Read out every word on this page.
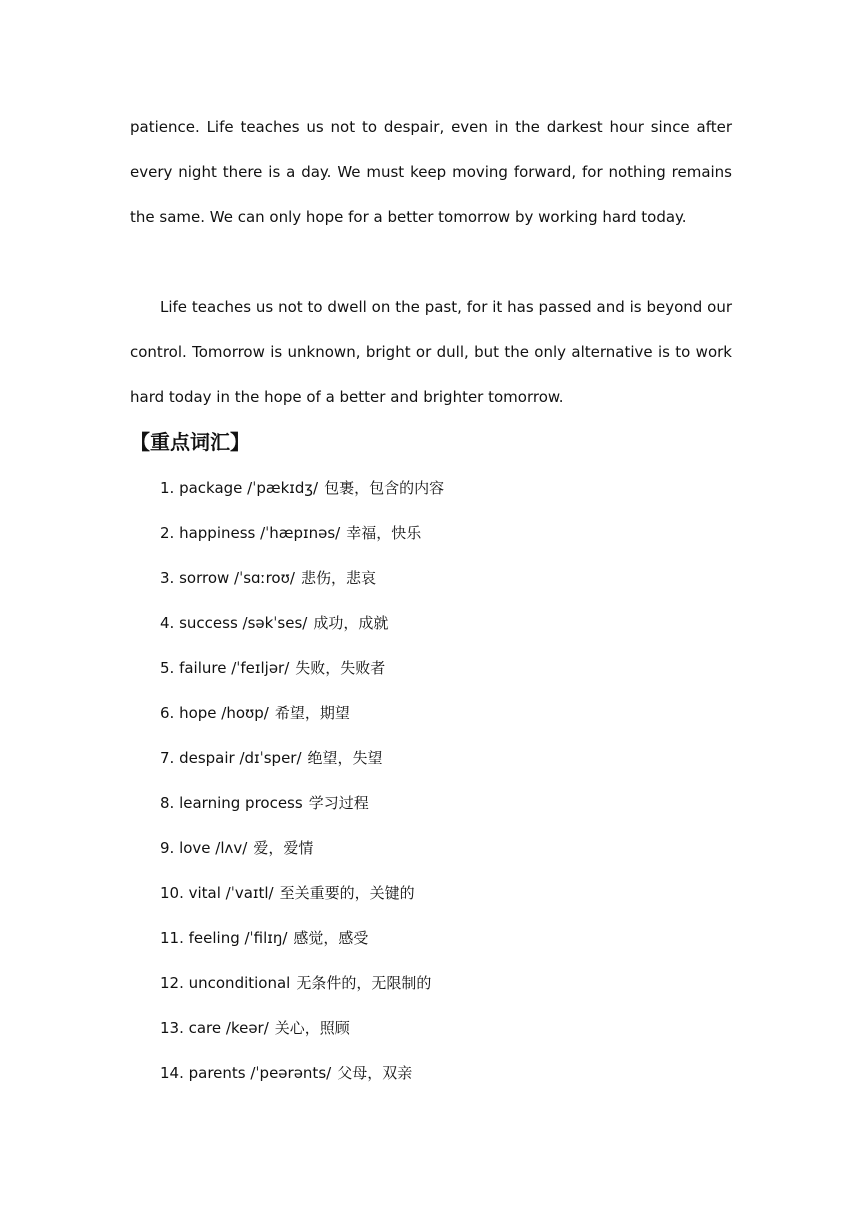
patience. Life teaches us not to despair, even in the darkest hour since after every night there is a day. We must keep moving forward, for nothing remains the same. We can only hope for a better tomorrow by working hard today.

Life teaches us not to dwell on the past, for it has passed and is beyond our control. Tomorrow is unknown, bright or dull, but the only alternative is to work hard today in the hope of a better and brighter tomorrow.

【重点词汇】
1. package /ˈpækɪdʒ/ 包裹，包含的内容
2. happiness /ˈhæpɪnəs/ 幸福，快乐
3. sorrow /ˈsɑːroʊ/ 悲伤，悲哀
4. success /səkˈses/ 成功，成就
5. failure /ˈfeɪljər/ 失败，失败者
6. hope /hoʊp/ 希望，期望
7. despair /dɪˈsper/ 绝望，失望
8. learning process 学习过程
9. love /lʌv/ 爱，爱情
10. vital /ˈvaɪtl/ 至关重要的，关键的
11. feeling /ˈfilɪŋ/ 感觉，感受
12. unconditional 无条件的，无限制的
13. care /keər/ 关心，照顾
14. parents /ˈpeərənts/ 父母，双亲
